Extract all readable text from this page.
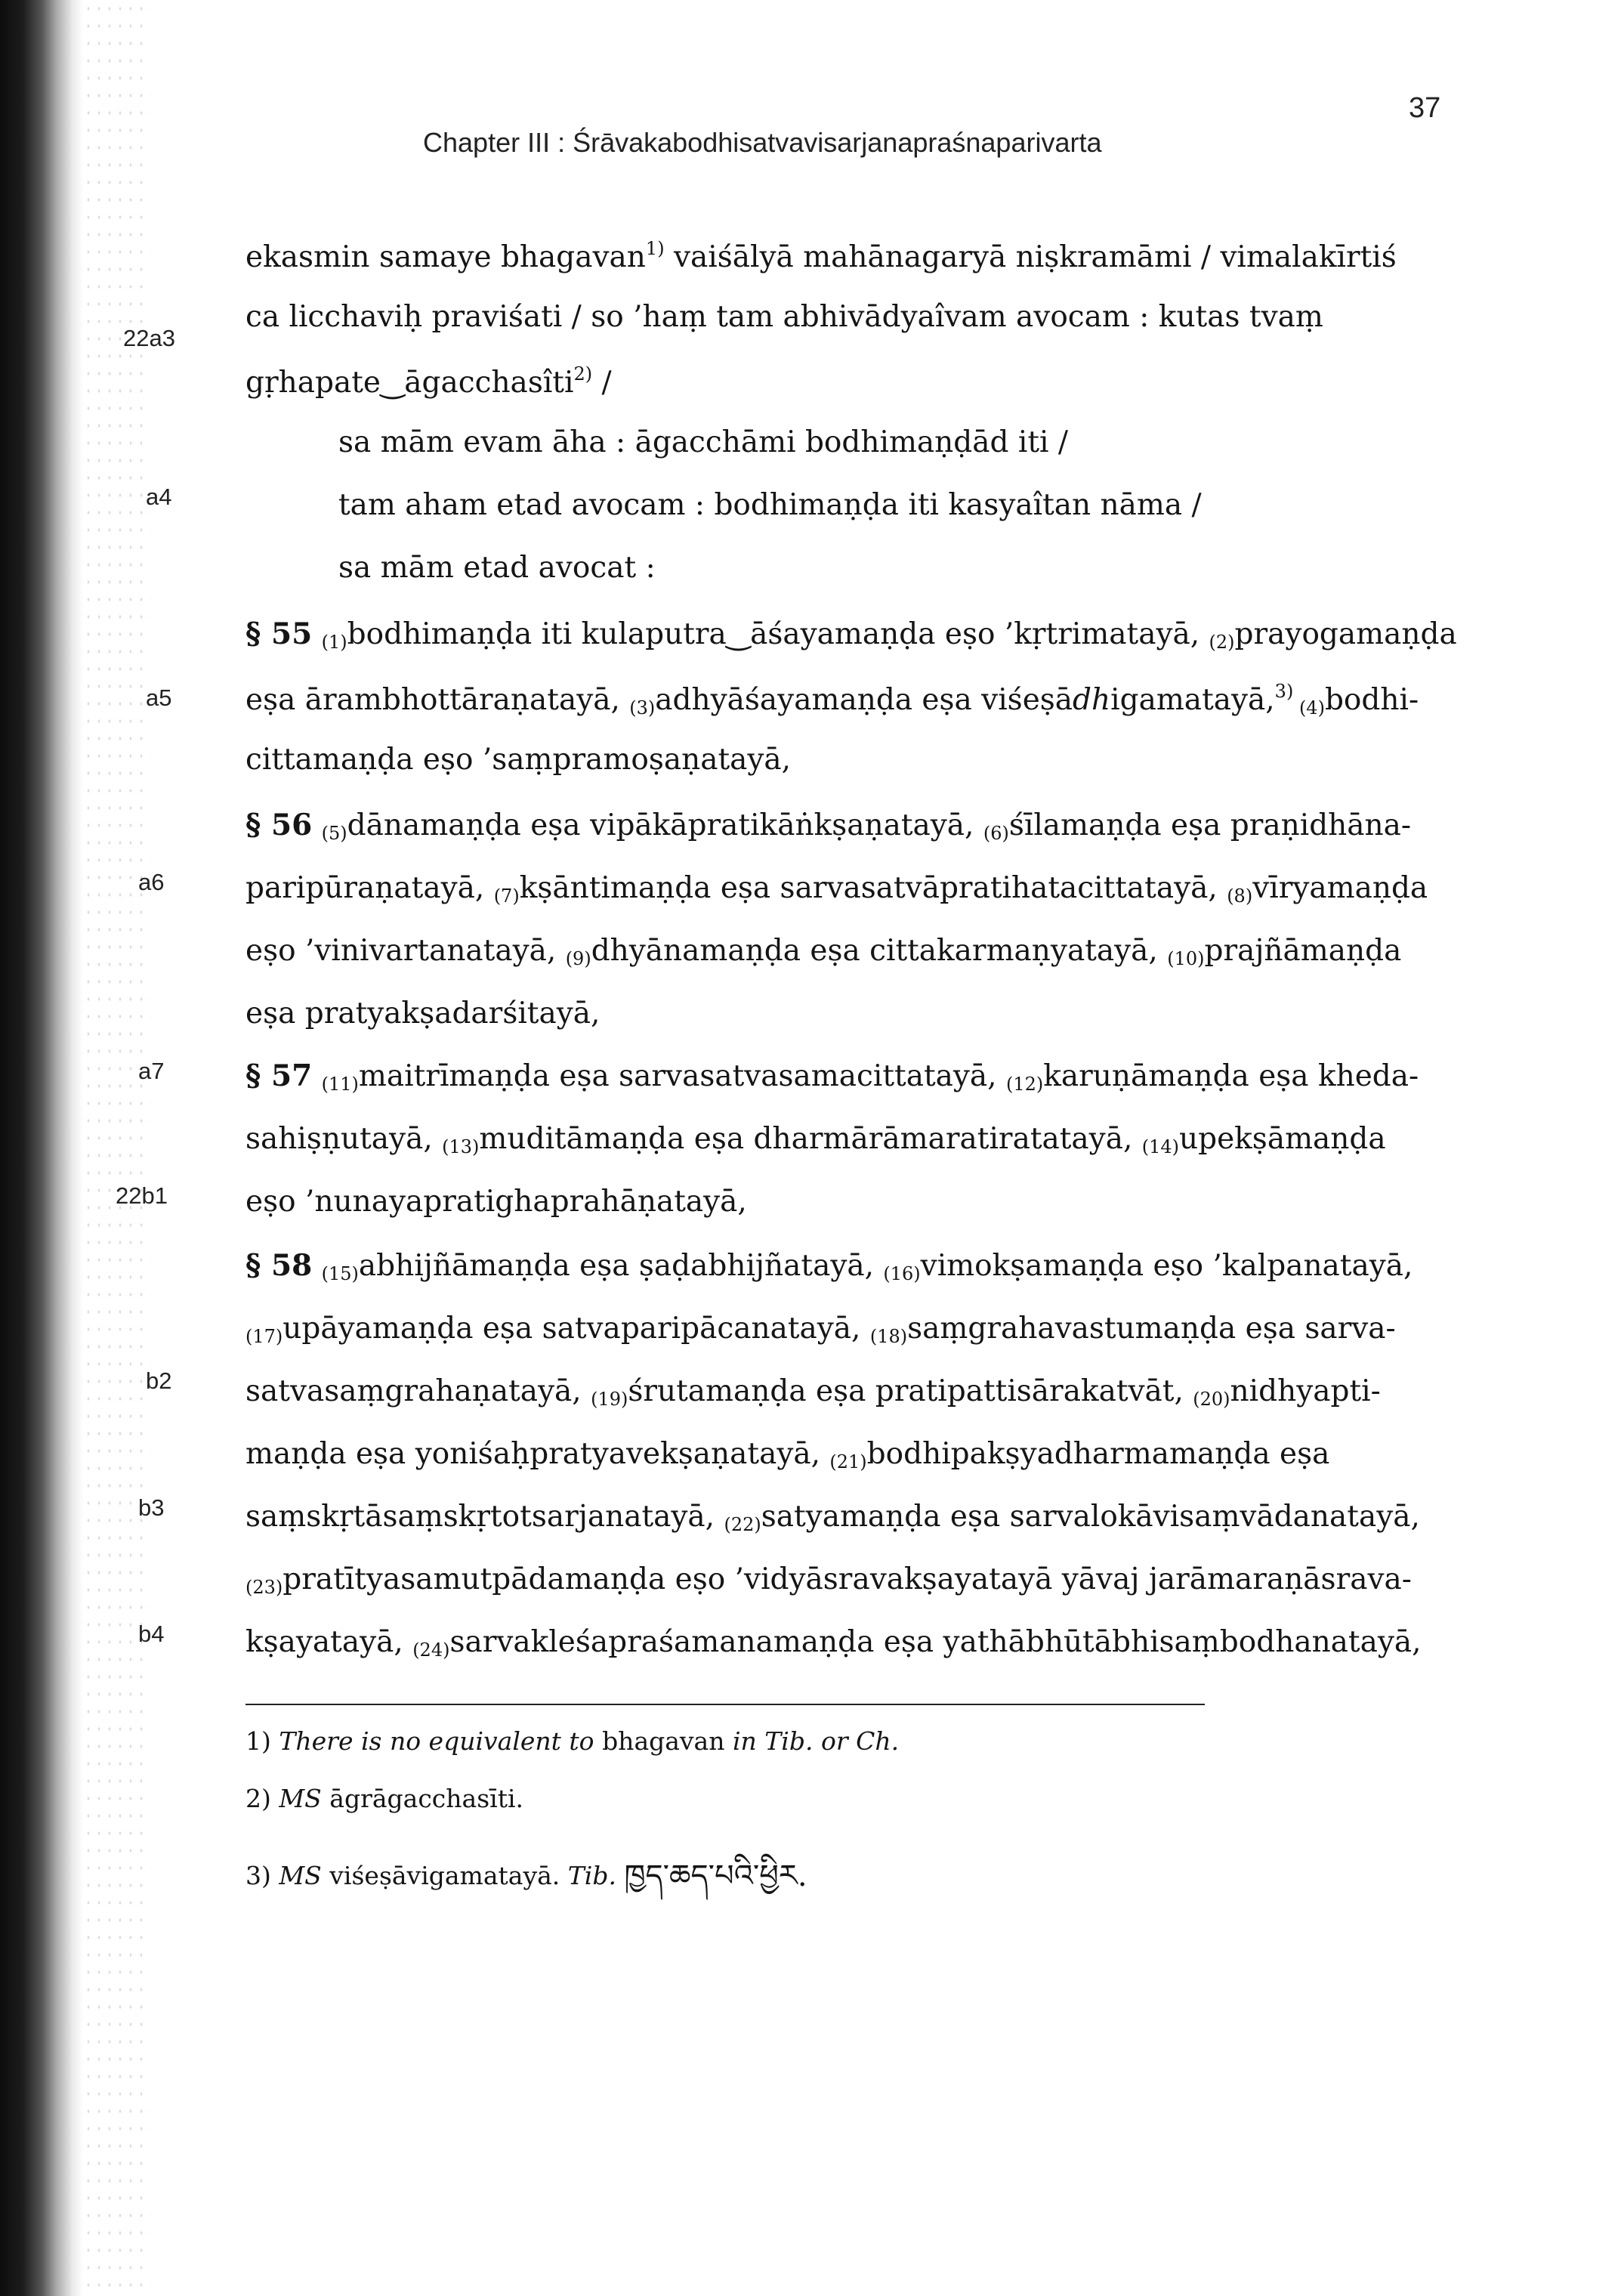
Chapter III : Śrāvakabodhisatvavisarjanapraśnaparivarta
37
22a3
a4
a5
a6
a7
22b1
b2
b3
b4
ekasmin samaye bhagavan$^{1)}$ vaiśālyā mahānagaryā niṣkramāmi / vimalakīrtiś
ca licchaviḥ praviśati / so ’haṃ tam abhivādyaîvam avocam : kutas tvaṃ
gṛhapate‿āgacchasîti$^{2)}$ /
sa mām evam āha : āgacchāmi bodhimaṇḍād iti /
tam aham etad avocam : bodhimaṇḍa iti kasyaîtan nāma /
sa mām etad avocat :
§ 55 $_{(1)}$bodhimaṇḍa iti kulaputra‿āśayamaṇḍa eṣo ’kṛtrimatayā, $_{(2)}$prayogamaṇḍa
eṣa ārambhottāraṇatayā, $_{(3)}$adhyāśayamaṇḍa eṣa viśeṣādhigamatayā,$^{3)}$ $_{(4)}$bodhi-
cittamaṇḍa eṣo ’saṃpramoṣaṇatayā,
§ 56 $_{(5)}$dānamaṇḍa eṣa vipākāpratikāṅkṣaṇatayā, $_{(6)}$śīlamaṇḍa eṣa praṇidhāna-
paripūraṇatayā, $_{(7)}$kṣāntimaṇḍa eṣa sarvasatvāpratihatacittatayā, $_{(8)}$vīryamaṇḍa
eṣo ’vinivartanatayā, $_{(9)}$dhyānamaṇḍa eṣa cittakarmaṇyatayā, $_{(10)}$prajñāmaṇḍa
eṣa pratyakṣadarśitayā,
§ 57 $_{(11)}$maitrīmaṇḍa eṣa sarvasatvasamacittatayā, $_{(12)}$karuṇāmaṇḍa eṣa kheda-
sahiṣṇutayā, $_{(13)}$muditāmaṇḍa eṣa dharmārāmaratiratatayā, $_{(14)}$upekṣāmaṇḍa
eṣo ’nunayapratighaprahāṇatayā,
§ 58 $_{(15)}$abhijñāmaṇḍa eṣa ṣaḍabhijñatayā, $_{(16)}$vimokṣamaṇḍa eṣo ’kalpanatayā,
$_{(17)}$upāyamaṇḍa eṣa satvaparipācanatayā, $_{(18)}$saṃgrahavastumaṇḍa eṣa sarva-
satvasaṃgrahaṇatayā, $_{(19)}$śrutamaṇḍa eṣa pratipattisārakatvāt, $_{(20)}$nidhyapti-
maṇḍa eṣa yoniśaḥpratyavekṣaṇatayā, $_{(21)}$bodhipakṣyadharmamaṇḍa eṣa
saṃskṛtāsaṃskṛtotsarjanatayā, $_{(22)}$satyamaṇḍa eṣa sarvalokāvisaṃvādanatayā,
$_{(23)}$pratītyasamutpādamaṇḍa eṣo ’vidyāsravakṣayatayā yāvaj jarāmaraṇāsrava-
kṣayatayā, $_{(24)}$sarvakleśapraśamanamaṇḍa eṣa yathābhūtābhisaṃbodhanatayā,
1) There is no equivalent to bhagavan in Tib. or Ch.
2) MS āgrāgacchasīti.
3) MS viśeṣāvigamatayā. Tib. ཁྱད་ཆད་པའི་ཕྱིར.
